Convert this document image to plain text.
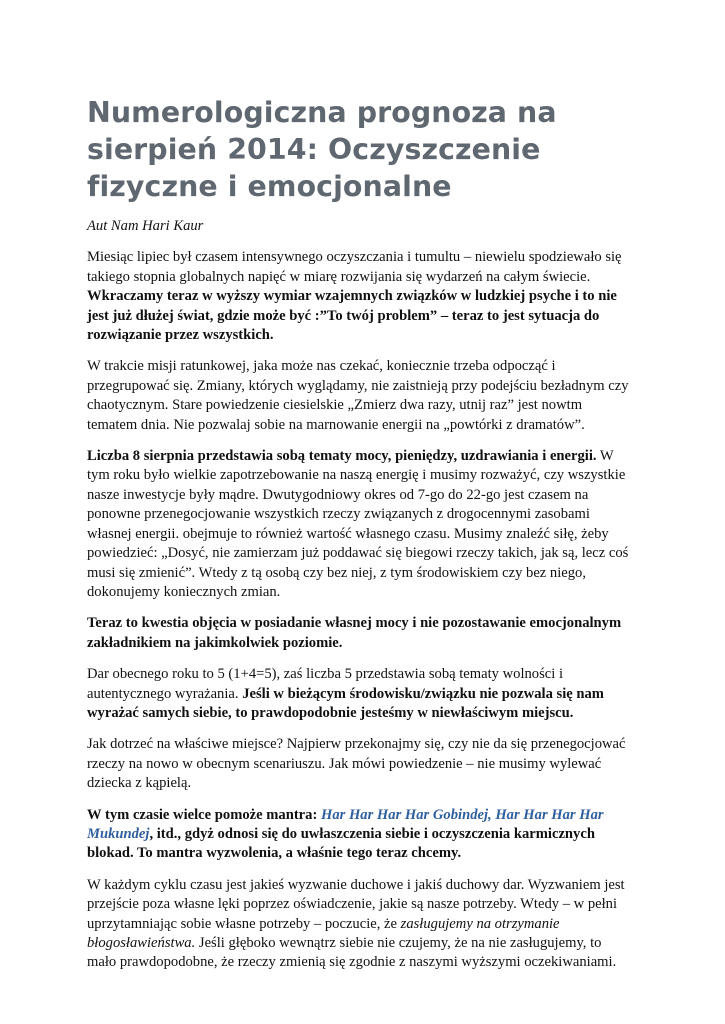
Numerologiczna prognoza na sierpień 2014: Oczyszczenie fizyczne i emocjonalne

Aut Nam Hari Kaur

Miesiąc lipiec był czasem intensywnego oczyszczania i tumultu – niewielu spodziewało się takiego stopnia globalnych napięć w miarę rozwijania się wydarzeń na całym świecie. Wkraczamy teraz w wyższy wymiar wzajemnych związków w ludzkiej psyche i to nie jest już dłużej świat, gdzie może być :”To twój problem” – teraz to jest sytuacja do rozwiązanie przez wszystkich.

W trakcie misji ratunkowej, jaka może nas czekać, koniecznie trzeba odpocząć i przegrupować się. Zmiany, których wyglądamy, nie zaistnieją przy podejściu bezładnym czy chaotycznym. Stare powiedzenie ciesielskie „Zmierz dwa razy, utnij raz” jest nowtm tematem dnia. Nie pozwalaj sobie na marnowanie energii na „powtórki z dramatów”.

Liczba 8 sierpnia przedstawia sobą tematy mocy, pieniędzy, uzdrawiania i energii. W tym roku było wielkie zapotrzebowanie na naszą energię i musimy rozważyć, czy wszystkie nasze inwestycje były mądre. Dwutygodniowy okres od 7-go do 22-go jest czasem na ponowne przenegocjowanie wszystkich rzeczy związanych z drogocennymi zasobami własnej energii. obejmuje to również wartość własnego czasu. Musimy znaleźć siłę, żeby powiedzieć: „Dosyć, nie zamierzam już poddawać się biegowi rzeczy takich, jak są, lecz coś musi się zmienić”. Wtedy z tą osobą czy bez niej, z tym środowiskiem czy bez niego, dokonujemy koniecznych zmian.

Teraz to kwestia objęcia w posiadanie własnej mocy i nie pozostawanie emocjonalnym zakładnikiem na jakimkolwiek poziomie.

Dar obecnego roku to 5 (1+4=5), zaś liczba 5 przedstawia sobą tematy wolności i autentycznego wyrażania. Jeśli w bieżącym środowisku/związku nie pozwala się nam wyrażać samych siebie, to prawdopodobnie jesteśmy w niewłaściwym miejscu.

Jak dotrzeć na właściwe miejsce? Najpierw przekonajmy się, czy nie da się przenegocjować rzeczy na nowo w obecnym scenariuszu. Jak mówi powiedzenie – nie musimy wylewać dziecka z kąpielą.

W tym czasie wielce pomoże mantra: Har Har Har Har Gobindej, Har Har Har Har Mukundej, itd., gdyż odnosi się do uwłaszczenia siebie i oczyszczenia karmicznych blokad. To mantra wyzwolenia, a właśnie tego teraz chcemy.

W każdym cyklu czasu jest jakieś wyzwanie duchowe i jakiś duchowy dar. Wyzwaniem jest przejście poza własne lęki poprzez oświadczenie, jakie są nasze potrzeby. Wtedy – w pełni uprzytamniając sobie własne potrzeby – poczucie, że zasługujemy na otrzymanie błogosławieństwa. Jeśli głęboko wewnątrz siebie nie czujemy, że na nie zasługujemy, to mało prawdopodobne, że rzeczy zmienią się zgodnie z naszymi wyższymi oczekiwaniami.
